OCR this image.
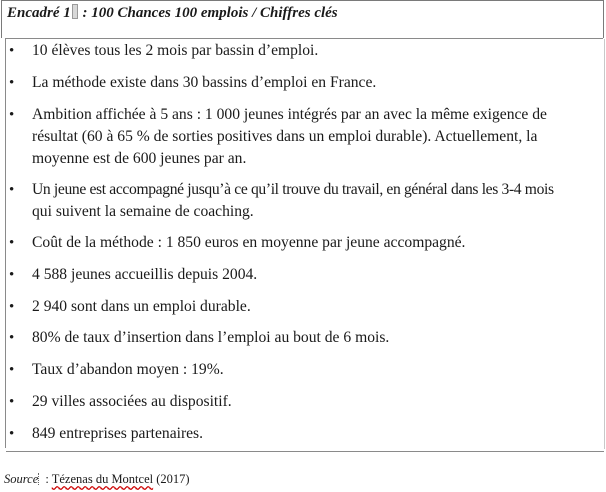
Encadré 1 : 100 Chances 100 emplois / Chiffres clés
•	10 élèves tous les 2 mois par bassin d’emploi.
•	La méthode existe dans 30 bassins d’emploi en France.
•	Ambition affichée à 5 ans : 1 000 jeunes intégrés par an avec la même exigence de
résultat (60 à 65 % de sorties positives dans un emploi durable). Actuellement, la
moyenne est de 600 jeunes par an.
•	Un jeune est accompagné jusqu’à ce qu’il trouve du travail, en général dans les 3-4 mois
qui suivent la semaine de coaching.
•	Coût de la méthode : 1 850 euros en moyenne par jeune accompagné.
•	4 588 jeunes accueillis depuis 2004.
•	2 940 sont dans un emploi durable.
•	80% de taux d’insertion dans l’emploi au bout de 6 mois.
•	Taux d’abandon moyen : 19%.
•	29 villes associées au dispositif.
•	849 entreprises partenaires.
Source : Tézenas du Montcel (2017)
